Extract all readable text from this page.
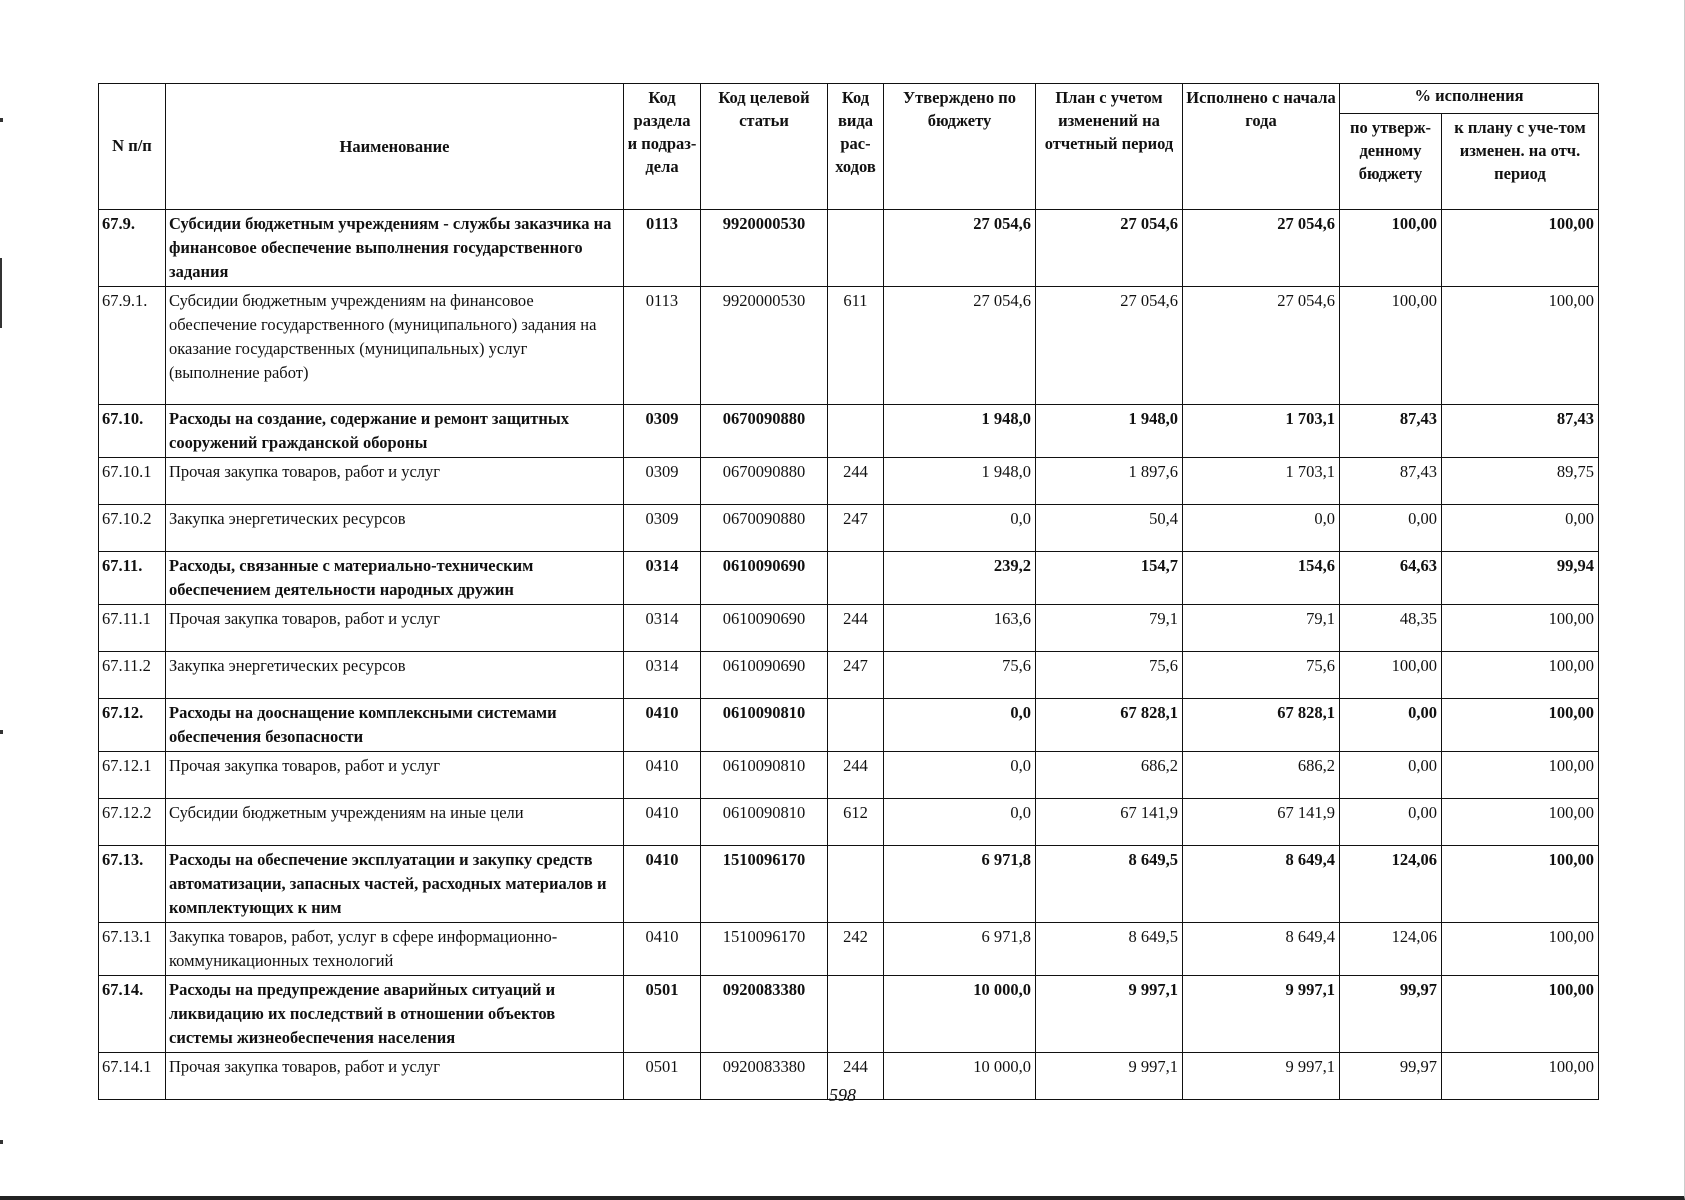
N п/п	Наименование	Код раздела и подраз-дела	Код целевой статьи	Код вида рас-ходов	Утверждено по бюджету	План с учетом изменений на отчетный период	Исполнено с начала года	% исполнения	
								по утверж-денному бюджету	к плану с уче-том изменен. на отч. период
67.9.	Субсидии бюджетным учреждениям - службы заказчика на финансовое обеспечение выполнения государственного задания	0113	9920000530		27 054,6	27 054,6	27 054,6	100,00	100,00
67.9.1.	Субсидии бюджетным учреждениям на финансовое обеспечение государственного (муниципального) задания на оказание государственных (муниципальных) услуг (выполнение работ)	0113	9920000530	611	27 054,6	27 054,6	27 054,6	100,00	100,00
67.10.	Расходы на создание, содержание и ремонт защитных сооружений гражданской обороны	0309	0670090880		1 948,0	1 948,0	1 703,1	87,43	87,43
67.10.1	Прочая закупка товаров, работ и услуг	0309	0670090880	244	1 948,0	1 897,6	1 703,1	87,43	89,75
67.10.2	Закупка энергетических ресурсов	0309	0670090880	247	0,0	50,4	0,0	0,00	0,00
67.11.	Расходы, связанные с материально-техническим обеспечением деятельности народных дружин	0314	0610090690		239,2	154,7	154,6	64,63	99,94
67.11.1	Прочая закупка товаров, работ и услуг	0314	0610090690	244	163,6	79,1	79,1	48,35	100,00
67.11.2	Закупка энергетических ресурсов	0314	0610090690	247	75,6	75,6	75,6	100,00	100,00
67.12.	Расходы на дооснащение комплексными системами обеспечения безопасности	0410	0610090810		0,0	67 828,1	67 828,1	0,00	100,00
67.12.1	Прочая закупка товаров, работ и услуг	0410	0610090810	244	0,0	686,2	686,2	0,00	100,00
67.12.2	Субсидии бюджетным учреждениям на иные цели	0410	0610090810	612	0,0	67 141,9	67 141,9	0,00	100,00
67.13.	Расходы на обеспечение эксплуатации и закупку средств автоматизации, запасных частей, расходных материалов и комплектующих к ним	0410	1510096170		6 971,8	8 649,5	8 649,4	124,06	100,00
67.13.1	Закупка товаров, работ, услуг в сфере информационно-коммуникационных технологий	0410	1510096170	242	6 971,8	8 649,5	8 649,4	124,06	100,00
67.14.	Расходы на предупреждение аварийных ситуаций и ликвидацию их последствий в отношении объектов системы жизнеобеспечения населения	0501	0920083380		10 000,0	9 997,1	9 997,1	99,97	100,00
67.14.1	Прочая закупка товаров, работ и услуг	0501	0920083380	244	10 000,0	9 997,1	9 997,1	99,97	100,00
598
